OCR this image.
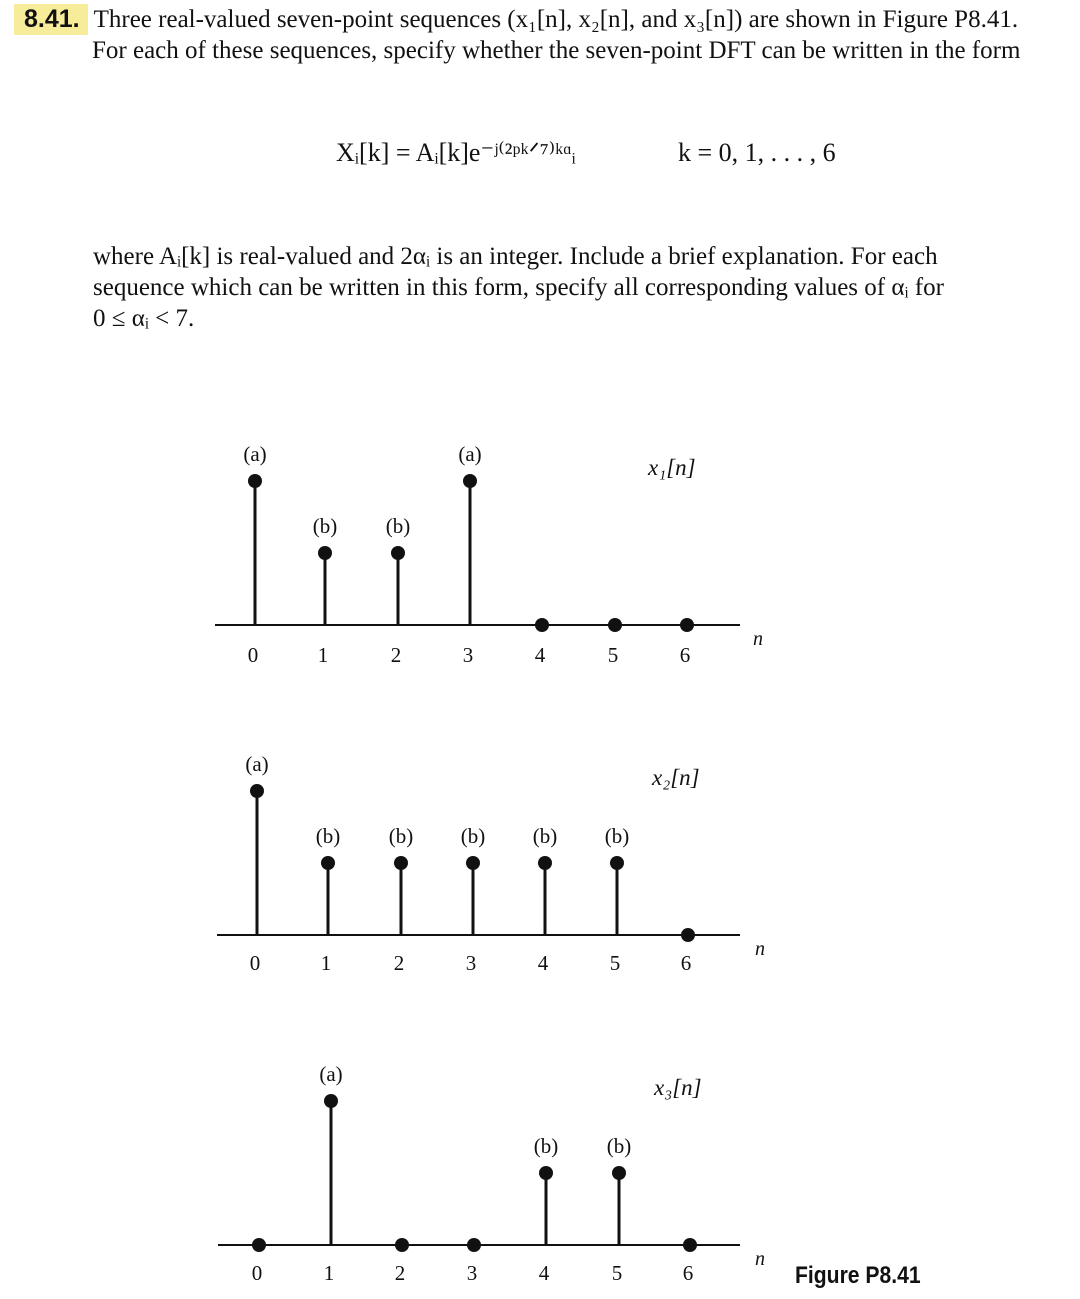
8.41. Three real-valued seven-point sequences (x₁[n], x₂[n], and x₃[n]) are shown in Figure P8.41.
For each of these sequences, specify whether the seven-point DFT can be written in the form
Xᵢ[k] = Aᵢ[k]e⁻ʲ⁽²ᵖᵏᐟ⁷⁾ᵏᵅᵢ	k = 0, 1, . . . , 6
where Aᵢ[k] is real-valued and 2αᵢ is an integer. Include a brief explanation. For each
sequence which can be written in this form, specify all corresponding values of αᵢ for
0 ≤ αᵢ < 7.
x₁[n]
n
(a)
0
(b)
1
(b)
2
(a)
3	4	5	6
x₂[n]
n
(a)
0
(b)
1
(b)
2
(b)
3
(b)
4
(b)
5	6
x₃[n]
n
0
(a)
1	2	3
(b)
4
(b)
5	6	Figure P8.41
